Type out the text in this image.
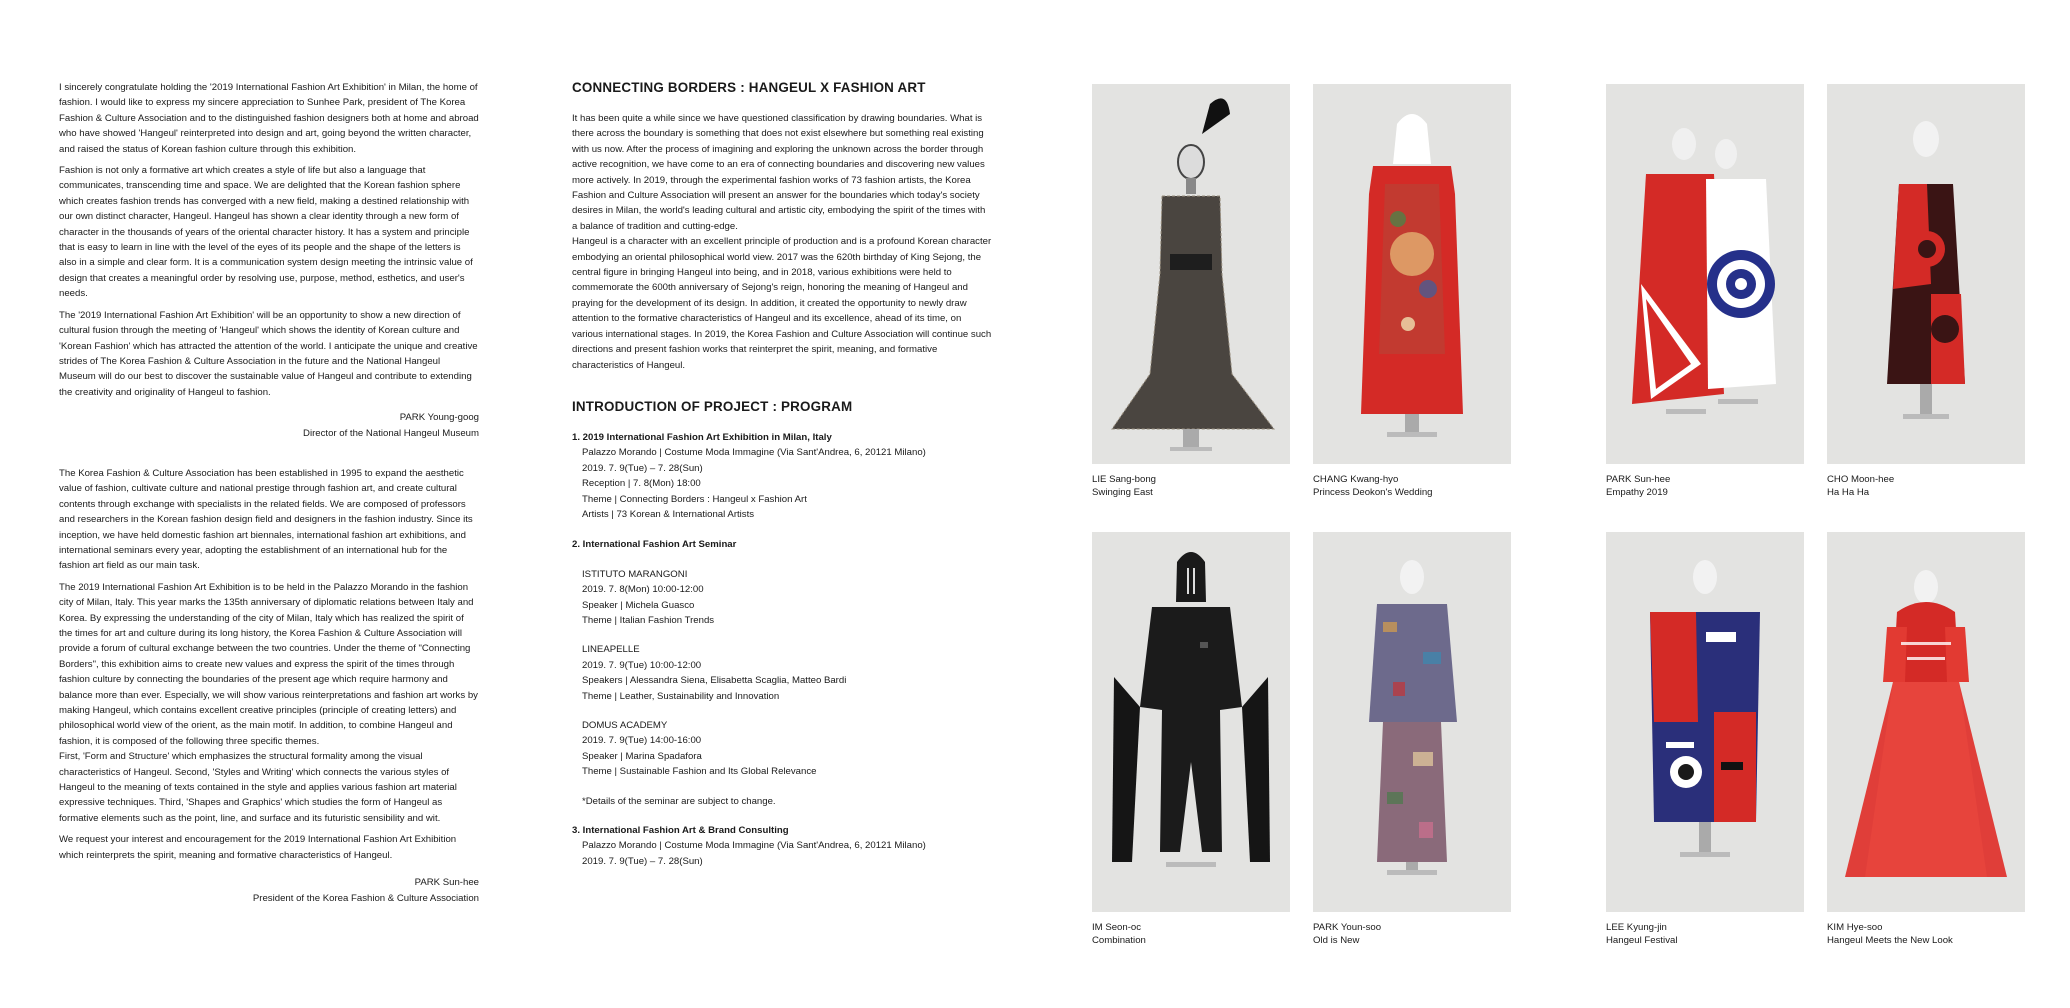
I sincerely congratulate holding the '2019 International Fashion Art Exhibition' in Milan, the home of fashion. I would like to express my sincere appreciation to Sunhee Park, president of The Korea Fashion & Culture Association and to the distinguished fashion designers both at home and abroad who have showed 'Hangeul' reinterpreted into design and art, going beyond the written character, and raised the status of Korean fashion culture through this exhibition.

Fashion is not only a formative art which creates a style of life but also a language that communicates, transcending time and space. We are delighted that the Korean fashion sphere which creates fashion trends has converged with a new field, making a destined relationship with our own distinct character, Hangeul. Hangeul has shown a clear identity through a new form of character in the thousands of years of the oriental character history. It has a system and principle that is easy to learn in line with the level of the eyes of its people and the shape of the letters is also in a simple and clear form. It is a communication system design meeting the intrinsic value of design that creates a meaningful order by resolving use, purpose, method, esthetics, and user's needs.

The '2019 International Fashion Art Exhibition' will be an opportunity to show a new direction of cultural fusion through the meeting of 'Hangeul' which shows the identity of Korean culture and 'Korean Fashion' which has attracted the attention of the world. I anticipate the unique and creative strides of The Korea Fashion & Culture Association in the future and the National Hangeul Museum will do our best to discover the sustainable value of Hangeul and contribute to extending the creativity and originality of Hangeul to fashion.

PARK Young-goog

Director of the National Hangeul Museum

The Korea Fashion & Culture Association has been established in 1995 to expand the aesthetic value of fashion, cultivate culture and national prestige through fashion art, and create cultural contents through exchange with specialists in the related fields. We are composed of professors and researchers in the Korean fashion design field and designers in the fashion industry. Since its inception, we have held domestic fashion art biennales, international fashion art exhibitions, and international seminars every year, adopting the establishment of an international hub for the fashion art field as our main task.

The 2019 International Fashion Art Exhibition is to be held in the Palazzo Morando in the fashion city of Milan, Italy. This year marks the 135th anniversary of diplomatic relations between Italy and Korea. By expressing the understanding of the city of Milan, Italy which has realized the spirit of the times for art and culture during its long history, the Korea Fashion & Culture Association will provide a forum of cultural exchange between the two countries. Under the theme of "Connecting Borders", this exhibition aims to create new values and express the spirit of the times through fashion culture by connecting the boundaries of the present age which require harmony and balance more than ever. Especially, we will show various reinterpretations and fashion art works by making Hangeul, which contains excellent creative principles (principle of creating letters) and philosophical world view of the orient, as the main motif. In addition, to combine Hangeul and fashion, it is composed of the following three specific themes.
First, 'Form and Structure' which emphasizes the structural formality among the visual characteristics of Hangeul. Second, 'Styles and Writing' which connects the various styles of Hangeul to the meaning of texts contained in the style and applies various fashion art material expressive techniques. Third, 'Shapes and Graphics' which studies the form of Hangeul as formative elements such as the point, line, and surface and its futuristic sensibility and wit.

We request your interest and encouragement for the 2019 International Fashion Art Exhibition which reinterprets the spirit, meaning and formative characteristics of Hangeul.

PARK Sun-hee

President of the Korea Fashion & Culture Association

CONNECTING BORDERS : HANGEUL X FASHION ART

It has been quite a while since we have questioned classification by drawing boundaries. What is there across the boundary is something that does not exist elsewhere but something real existing with us now. After the process of imagining and exploring the unknown across the border through active recognition, we have come to an era of connecting boundaries and discovering new values more actively. In 2019, through the experimental fashion works of 73 fashion artists, the Korea Fashion and Culture Association will present an answer for the boundaries which today's society desires in Milan, the world's leading cultural and artistic city, embodying the spirit of the times with a balance of tradition and cutting-edge.
Hangeul is a character with an excellent principle of production and is a profound Korean character embodying an oriental philosophical world view. 2017 was the 620th birthday of King Sejong, the central figure in bringing Hangeul into being, and in 2018, various exhibitions were held to commemorate the 600th anniversary of Sejong's reign, honoring the meaning of Hangeul and praying for the development of its design. In addition, it created the opportunity to newly draw attention to the formative characteristics of Hangeul and its excellence, ahead of its time, on various international stages. In 2019, the Korea Fashion and Culture Association will continue such directions and present fashion works that reinterpret the spirit, meaning, and formative characteristics of Hangeul.

INTRODUCTION OF PROJECT : PROGRAM
1. 2019 International Fashion Art Exhibition in Milan, Italy
Palazzo Morando | Costume Moda Immagine (Via Sant'Andrea, 6, 20121 Milano)
2019. 7. 9(Tue) – 7. 28(Sun)
Reception | 7. 8(Mon) 18:00
Theme | Connecting Borders : Hangeul x Fashion Art
Artists | 73 Korean & International Artists
2. International Fashion Art Seminar
ISTITUTO MARANGONI
2019. 7. 8(Mon) 10:00-12:00
Speaker | Michela Guasco
Theme | Italian Fashion Trends
LINEAPELLE
2019. 7. 9(Tue) 10:00-12:00
Speakers | Alessandra Siena, Elisabetta Scaglia, Matteo Bardi
Theme | Leather, Sustainability and Innovation
DOMUS ACADEMY
2019. 7. 9(Tue) 14:00-16:00
Speaker | Marina Spadafora
Theme | Sustainable Fashion and Its Global Relevance
*Details of the seminar are subject to change.
3. International Fashion Art & Brand Consulting
Palazzo Morando | Costume Moda Immagine (Via Sant'Andrea, 6, 20121 Milano)
2019. 7. 9(Tue) – 7. 28(Sun)
LIE Sang-bong
Swinging East
CHANG Kwang-hyo
Princess Deokon's Wedding
PARK Sun-hee
Empathy 2019
CHO Moon-hee
Ha Ha Ha
IM Seon-oc
Combination
PARK Youn-soo
Old is New
LEE Kyung-jin
Hangeul Festival
KIM Hye-soo
Hangeul Meets the New Look
